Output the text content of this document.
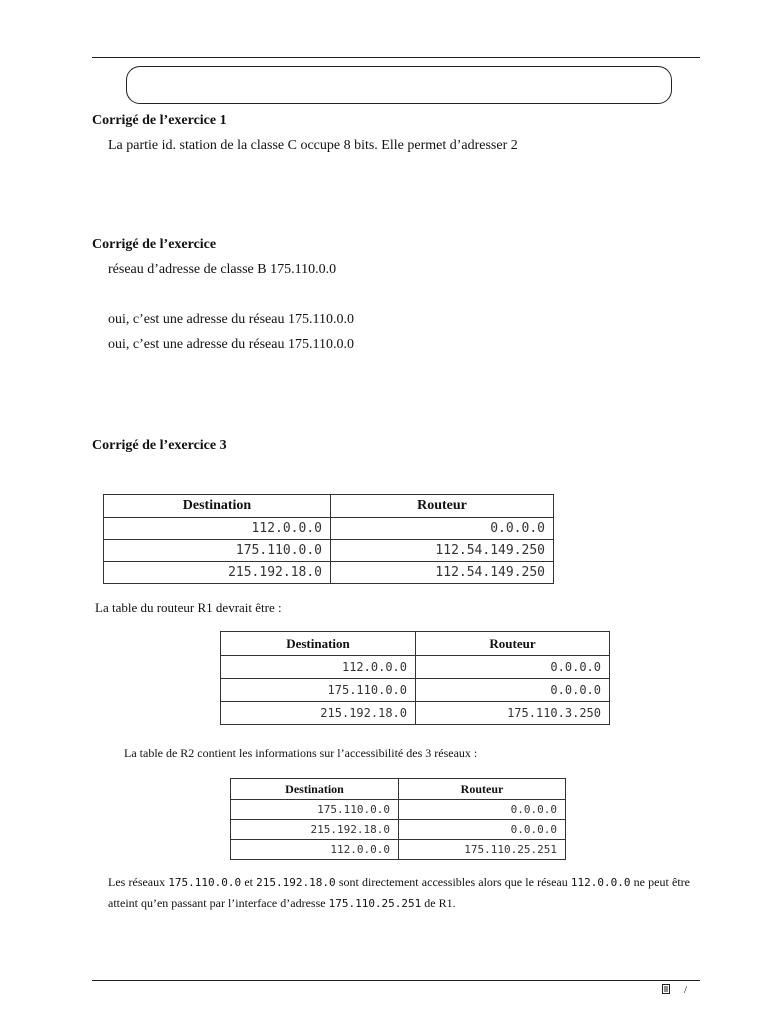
Corrigé de l’exercice 1
La partie id. station de la classe C occupe 8 bits. Elle permet d’adresser 2
Corrigé de l’exercice
réseau d’adresse de classe B 175.110.0.0
oui, c’est une adresse du réseau 175.110.0.0
oui, c’est une adresse du réseau 175.110.0.0
Corrigé de l’exercice 3
Destination	Routeur
112.0.0.0	0.0.0.0
175.110.0.0	112.54.149.250
215.192.18.0	112.54.149.250
La table du routeur R1 devrait être :
Destination	Routeur
112.0.0.0	0.0.0.0
175.110.0.0	0.0.0.0
215.192.18.0	175.110.3.250
La table de R2 contient les informations sur l’accessibilité des 3 réseaux :
Destination	Routeur
175.110.0.0	0.0.0.0
215.192.18.0	0.0.0.0
112.0.0.0	175.110.25.251
Les réseaux 175.110.0.0 et 215.192.18.0 sont directement accessibles alors que le réseau 112.0.0.0 ne peut être atteint qu’en passant par l’interface d’adresse 175.110.25.251 de R1.
/
